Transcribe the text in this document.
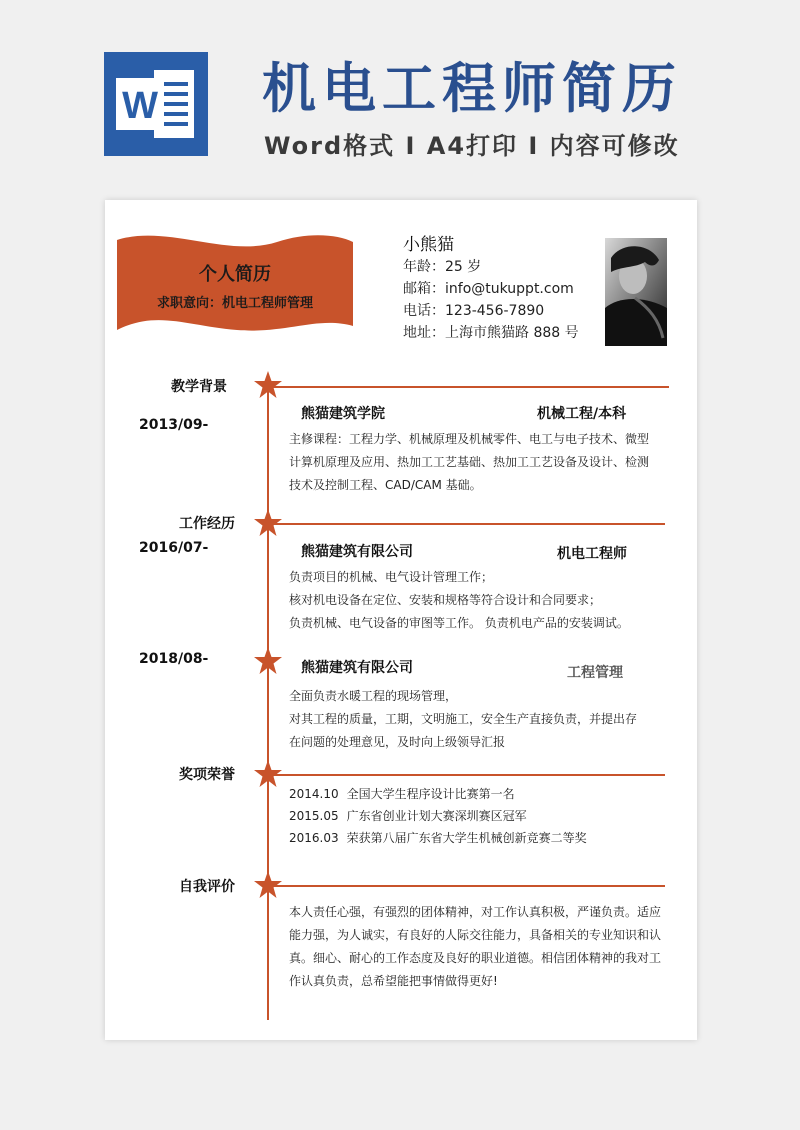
W 机电工程师简历
Word格式 I A4打印 I 内容可修改
个人简历
求职意向：机电工程师管理
小熊猫
年龄：25 岁
邮箱：info@tukuppt.com
电话：123-456-7890
地址：上海市熊猫路 888 号
教学背景
熊猫建筑学院	机械工程/本科
2013/09-
主修课程：工程力学、机械原理及机械零件、电工与电子技术、微型
计算机原理及应用、热加工工艺基础、热加工工艺设备及设计、检测
技术及控制工程、CAD/CAM 基础。
工作经历
2016/07-	熊猫建筑有限公司	机电工程师
负责项目的机械、电气设计管理工作；
核对机电设备在定位、安装和规格等符合设计和合同要求；
负责机械、电气设备的审图等工作。 负责机电产品的安装调试。
2018/08-
熊猫建筑有限公司	工程管理
全面负责水暖工程的现场管理，
对其工程的质量，工期，文明施工，安全生产直接负责，并提出存
在问题的处理意见，及时向上级领导汇报
奖项荣誉
2014.10 全国大学生程序设计比赛第一名
2015.05 广东省创业计划大赛深圳赛区冠军
2016.03 荣获第八届广东省大学生机械创新竞赛二等奖
自我评价
本人责任心强，有强烈的团体精神，对工作认真积极，严谨负责。适应
能力强，为人诚实，有良好的人际交往能力，具备相关的专业知识和认
真。细心、耐心的工作态度及良好的职业道德。相信团体精神的我对工
作认真负责，总希望能把事情做得更好!
